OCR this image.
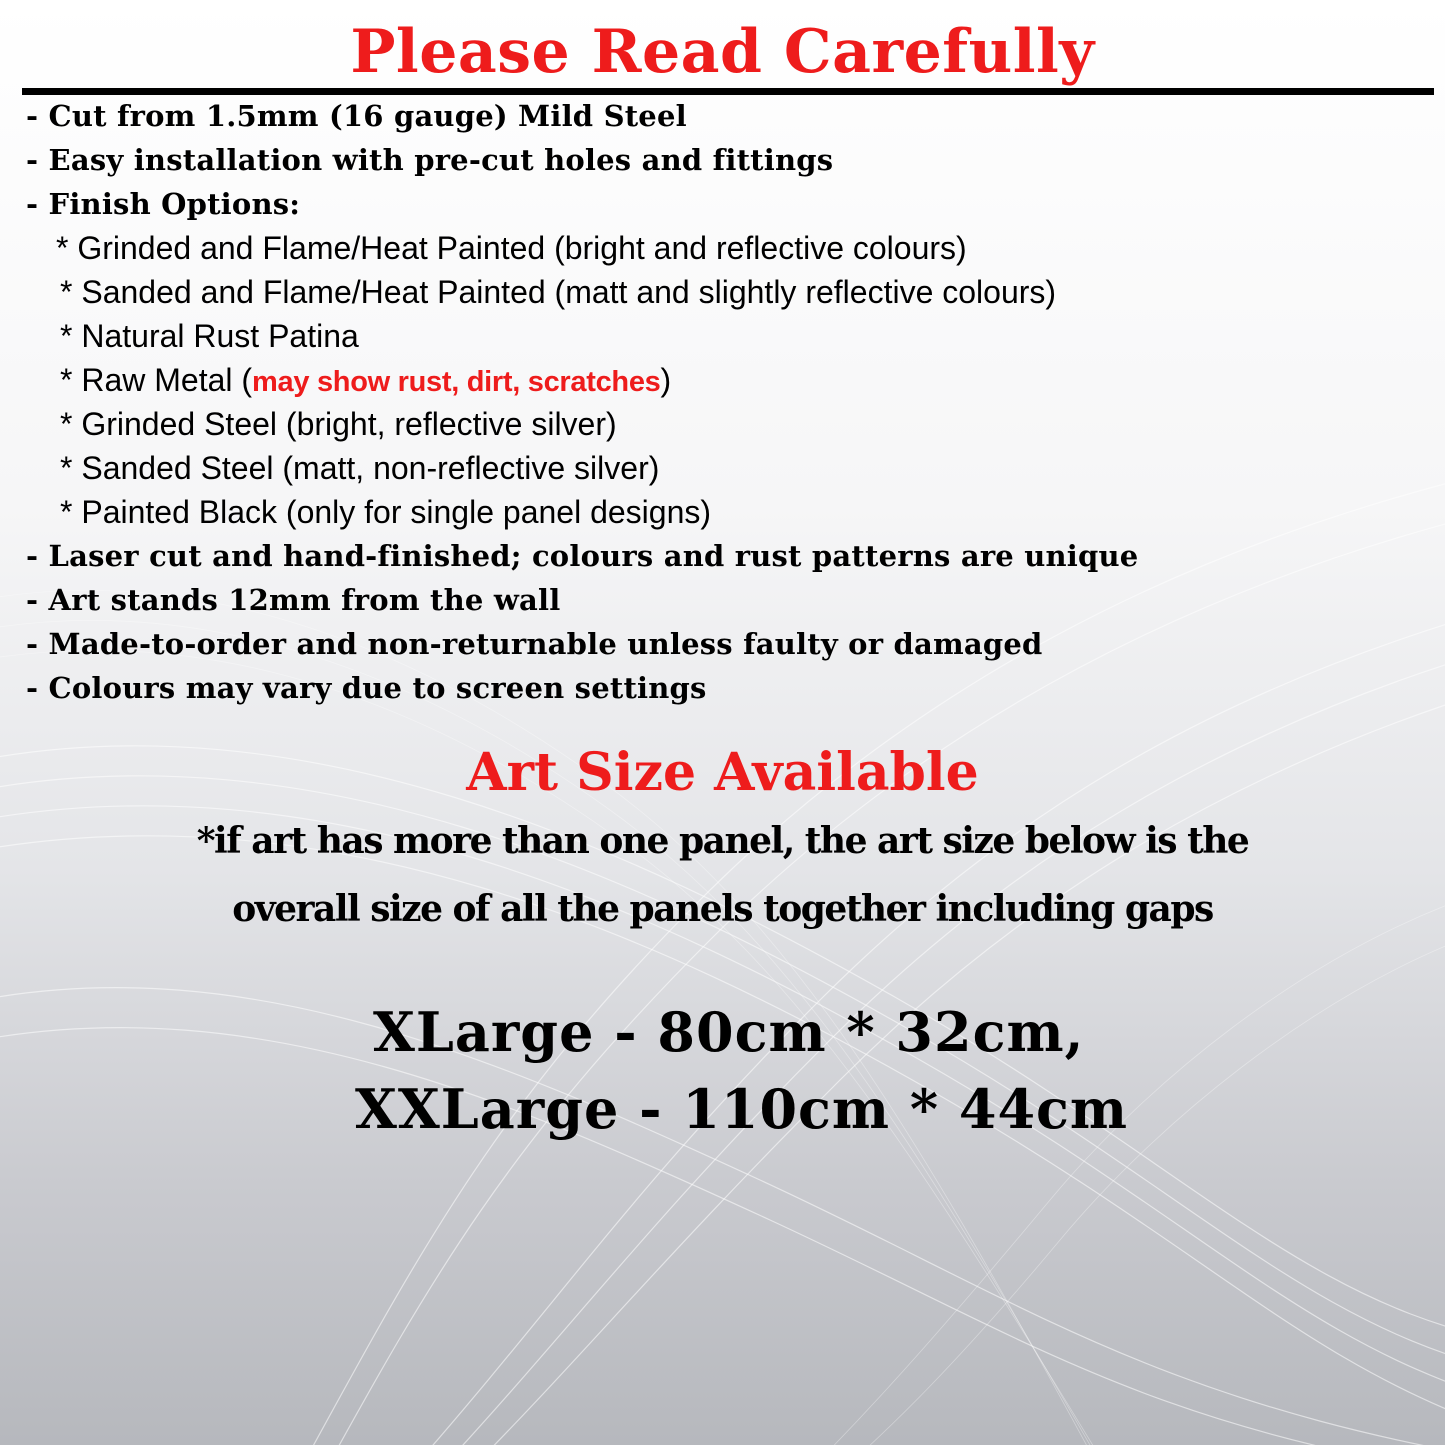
Please Read Carefully
- Cut from 1.5mm (16 gauge) Mild Steel
- Easy installation with pre-cut holes and fittings
- Finish Options:
* Grinded and Flame/Heat Painted (bright and reflective colours)
* Sanded and Flame/Heat Painted (matt and slightly reflective colours)
* Natural Rust Patina
* Raw Metal (may show rust, dirt, scratches)
* Grinded Steel (bright, reflective silver)
* Sanded Steel (matt, non-reflective silver)
* Painted Black (only for single panel designs)
- Laser cut and hand-finished; colours and rust patterns are unique
- Art stands 12mm from the wall
- Made-to-order and non-returnable unless faulty or damaged
- Colours may vary due to screen settings
Art Size Available
*if art has more than one panel, the art size below is the
overall size of all the panels together including gaps
XLarge - 80cm * 32cm,
XXLarge - 110cm * 44cm
